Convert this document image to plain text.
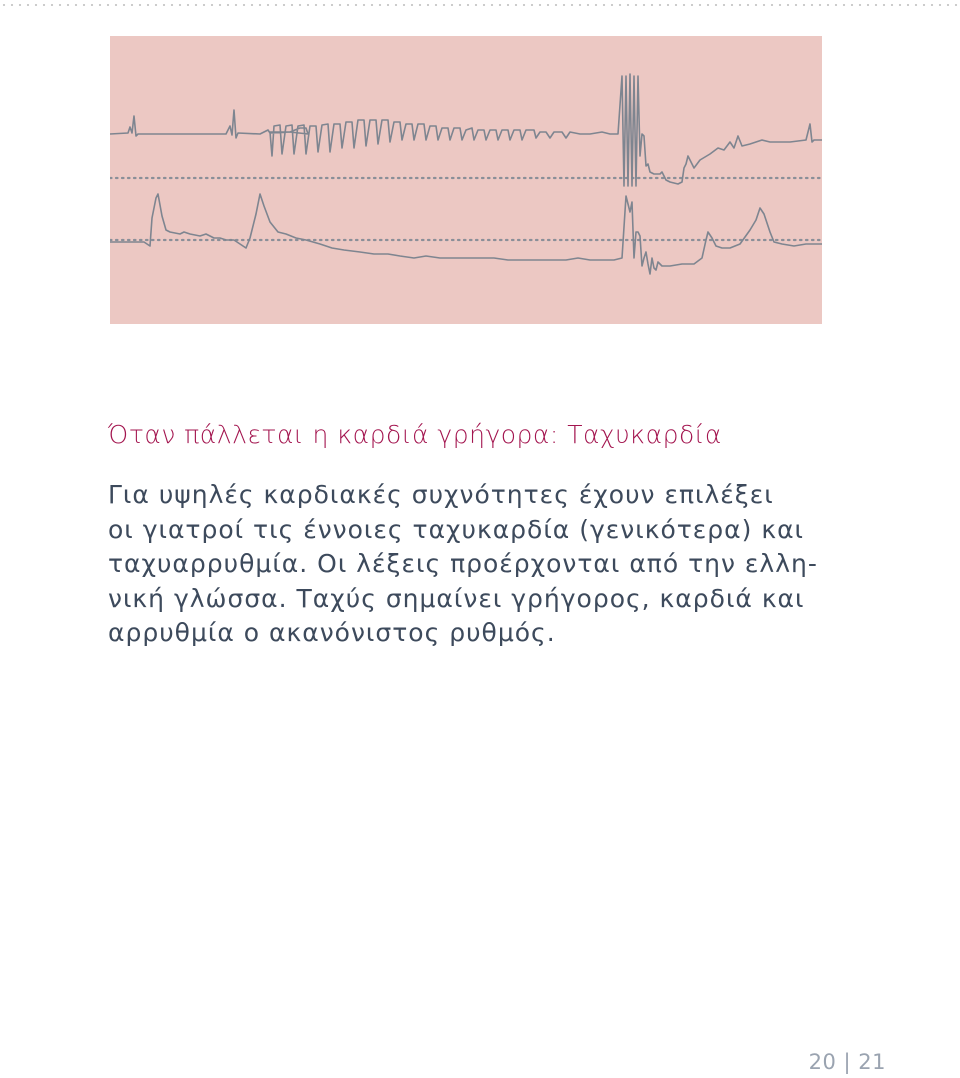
Όταν πάλλεται η καρδιά γρήγορα: Ταχυκαρδία
Για υψηλές καρδιακές συχνότητες έχουν επιλέξει
οι γιατροί τις έννοιες ταχυκαρδία (γενικότερα) και
ταχυαρρυθμία. Οι λέξεις προέρχονται από την ελλη-
νική γλώσσα. Ταχύς σημαίνει γρήγορος, καρδιά και
αρρυθμία ο ακανόνιστος ρυθμός.
20 | 21
